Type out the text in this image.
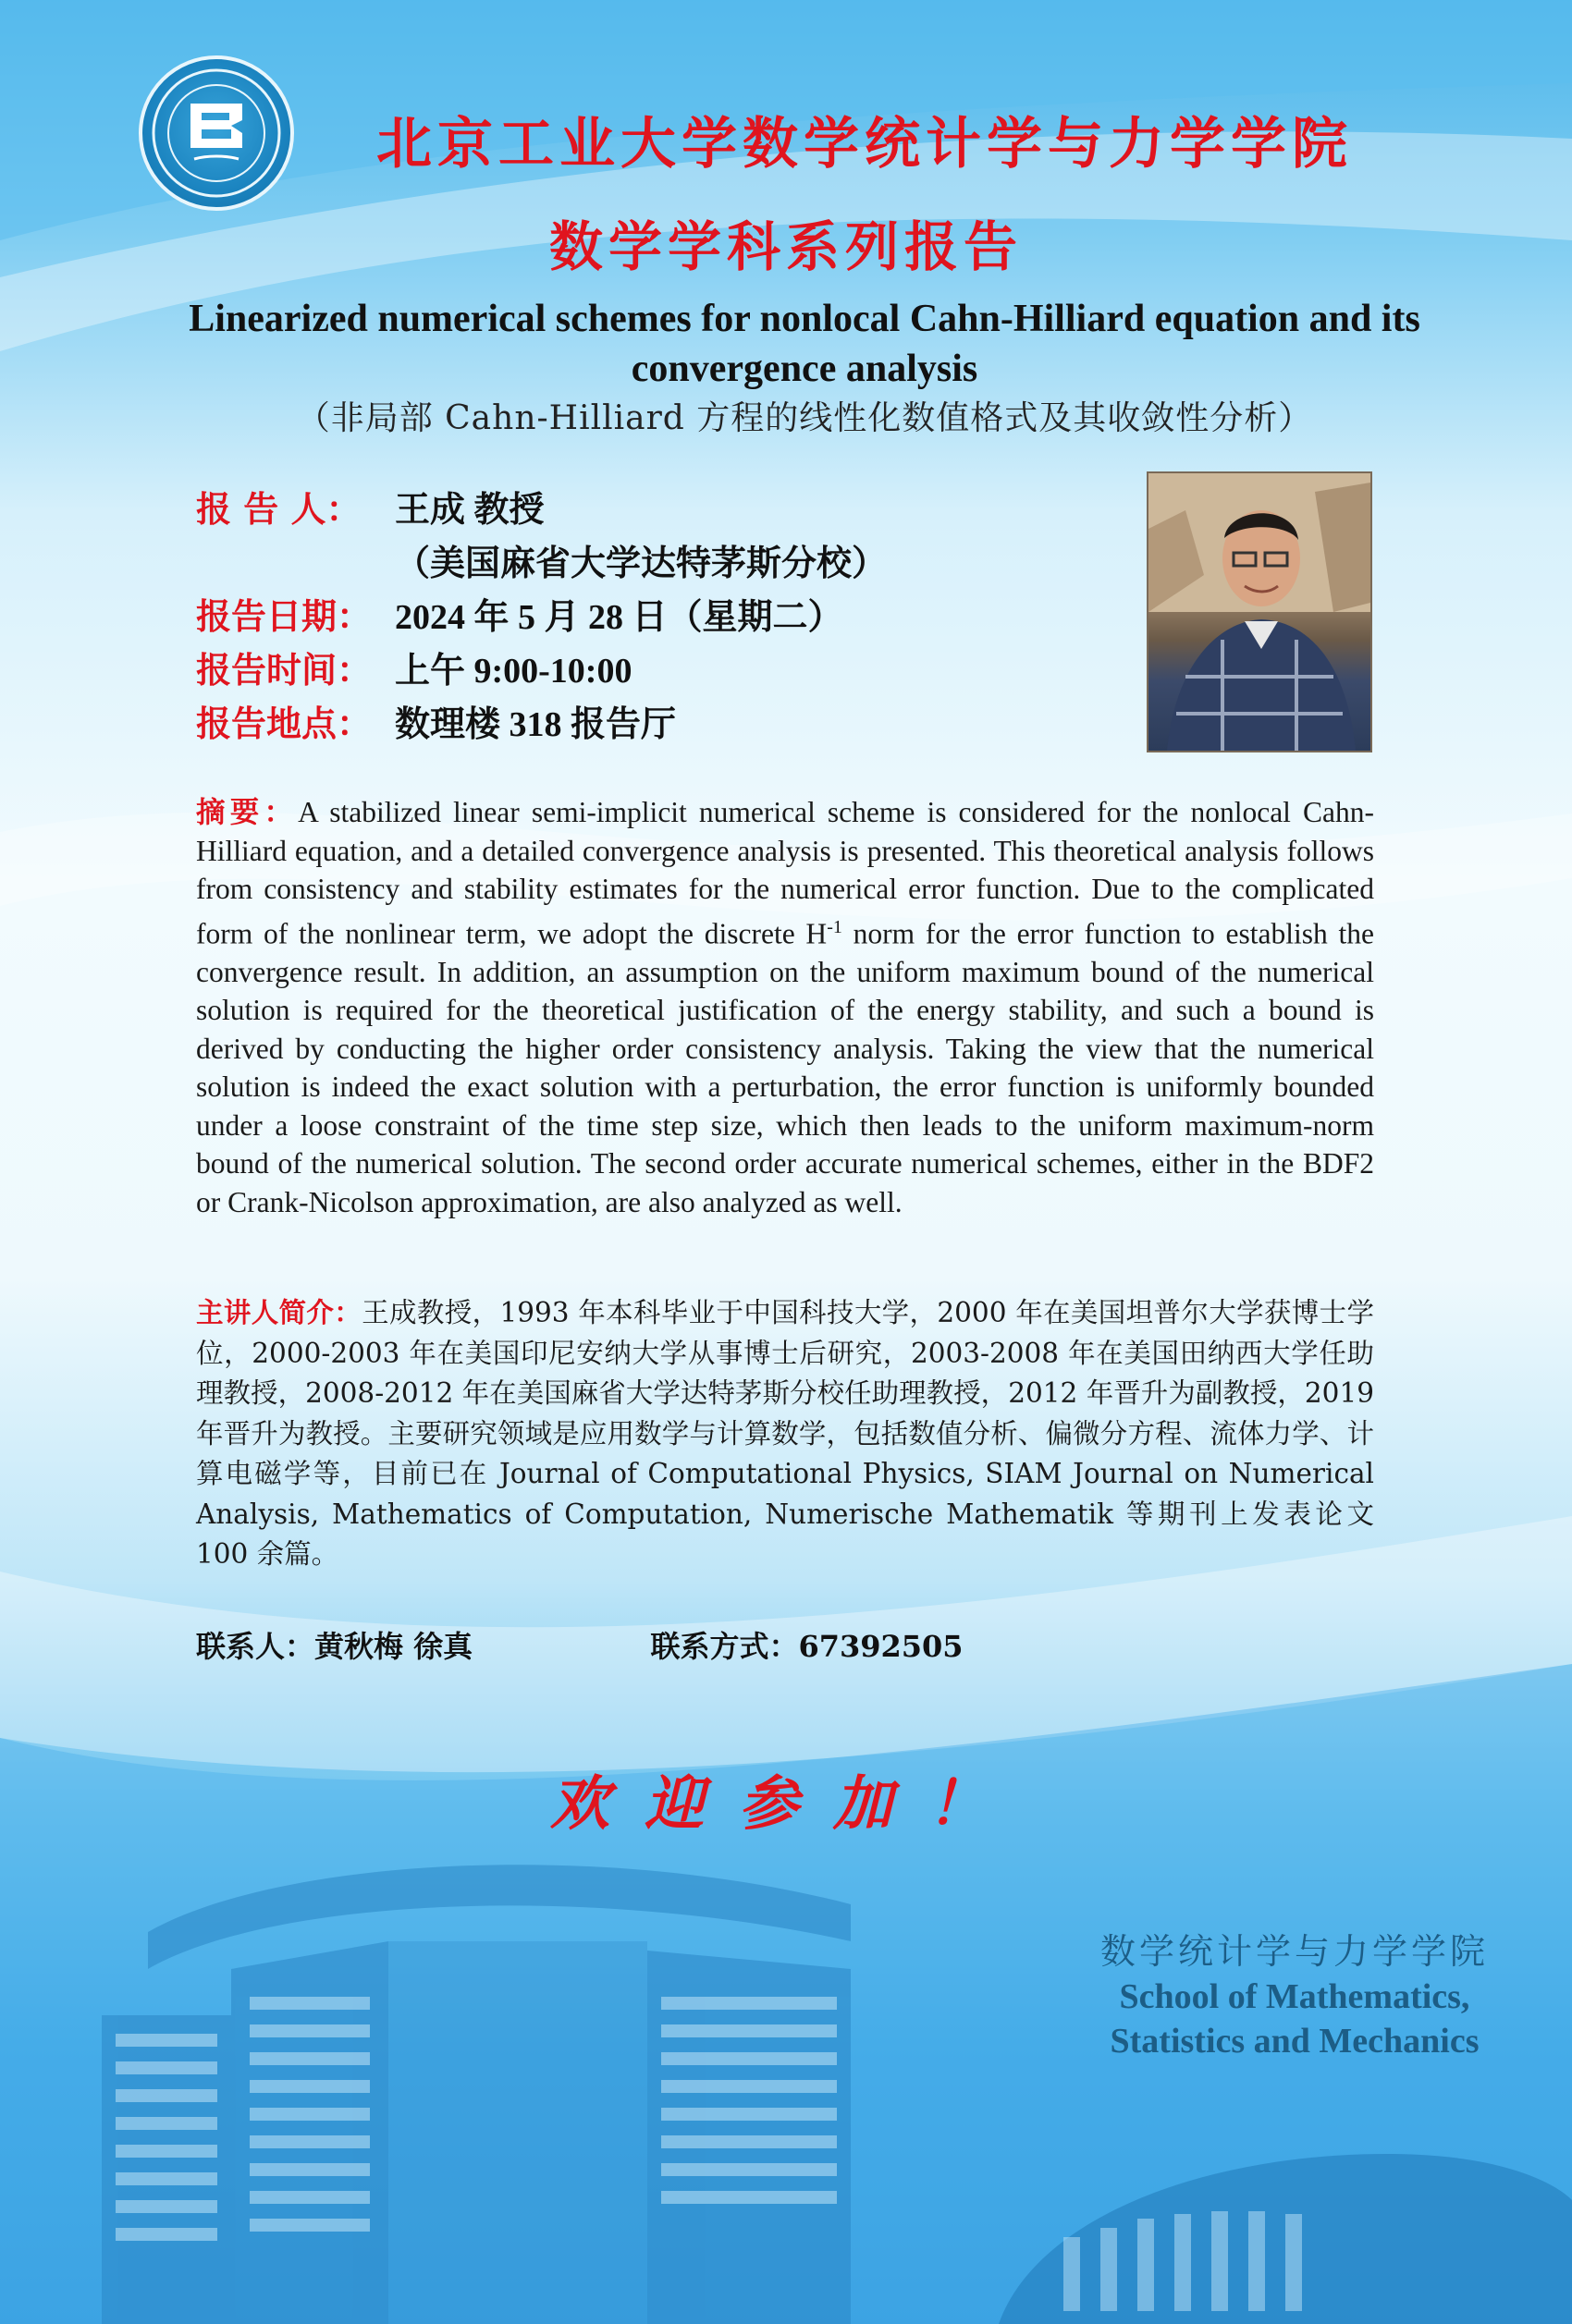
北京工业大学数学统计学与力学学院
数学学科系列报告
Linearized numerical schemes for nonlocal Cahn-Hilliard equation and its convergence analysis
（非局部 Cahn-Hilliard 方程的线性化数值格式及其收敛性分析）
报 告 人： 王成 教授
（美国麻省大学达特茅斯分校）
报告日期： 2024 年 5 月 28 日（星期二）
报告时间： 上午 9:00-10:00
报告地点： 数理楼 318 报告厅
摘要：A stabilized linear semi-implicit numerical scheme is considered for the nonlocal Cahn-Hilliard equation, and a detailed convergence analysis is presented. This theoretical analysis follows from consistency and stability estimates for the numerical error function. Due to the complicated form of the nonlinear term, we adopt the discrete $H^{-1}$ norm for the error function to establish the convergence result. In addition, an assumption on the uniform maximum bound of the numerical solution is required for the theoretical justification of the energy stability, and such a bound is derived by conducting the higher order consistency analysis. Taking the view that the numerical solution is indeed the exact solution with a perturbation, the error function is uniformly bounded under a loose constraint of the time step size, which then leads to the uniform maximum-norm bound of the numerical solution. The second order accurate numerical schemes, either in the BDF2 or Crank-Nicolson approximation, are also analyzed as well.
主讲人简介：王成教授，1993 年本科毕业于中国科技大学，2000 年在美国坦普尔大学获博士学位，2000-2003 年在美国印尼安纳大学从事博士后研究，2003-2008 年在美国田纳西大学任助理教授，2008-2012 年在美国麻省大学达特茅斯分校任助理教授，2012 年晋升为副教授，2019 年晋升为教授。主要研究领域是应用数学与计算数学，包括数值分析、偏微分方程、流体力学、计算电磁学等，目前已在 Journal of Computational Physics, SIAM Journal on Numerical Analysis, Mathematics of Computation, Numerische Mathematik 等期刊上发表论文 100 余篇。
联系人：黄秋梅 徐真	联系方式：67392505
欢迎参加！
数学统计学与力学学院
School of Mathematics,
Statistics and Mechanics
